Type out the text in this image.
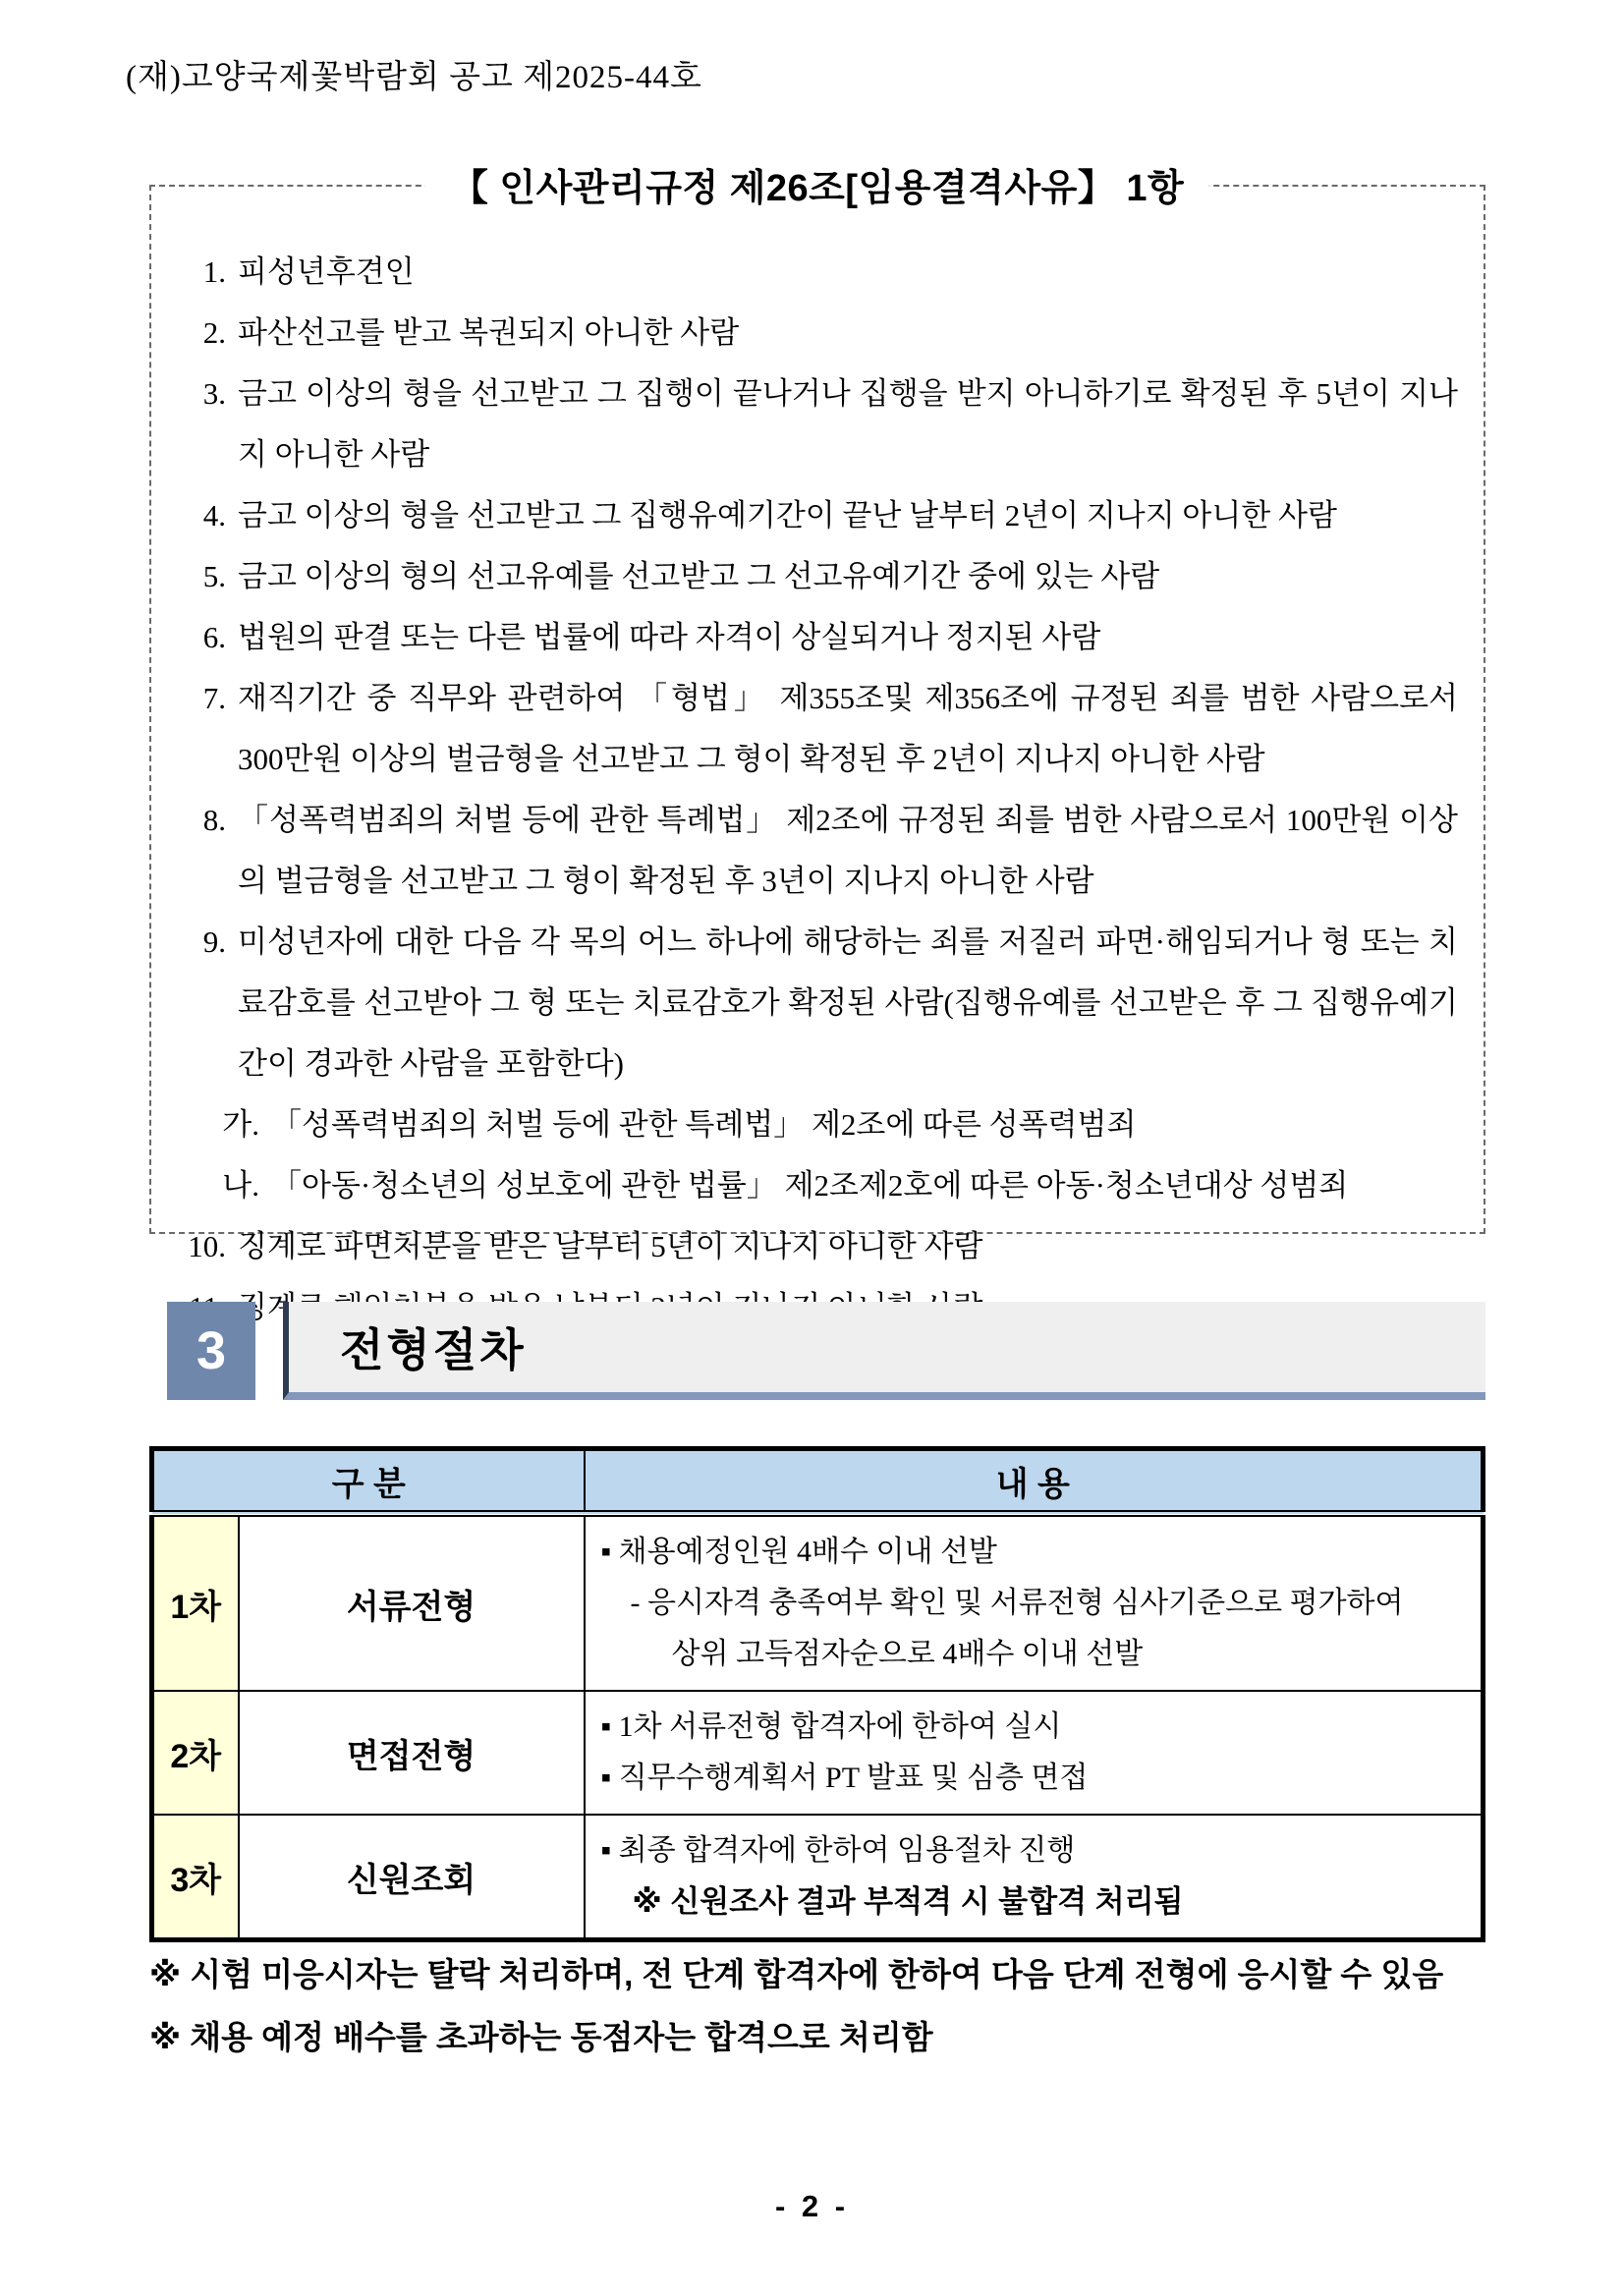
(재)고양국제꽃박람회 공고 제2025-44호
【 인사관리규정 제26조[임용결격사유】 1항
1. 피성년후견인
2. 파산선고를 받고 복권되지 아니한 사람
3. 금고 이상의 형을 선고받고 그 집행이 끝나거나 집행을 받지 아니하기로 확정된 후 5년이 지나지 아니한 사람
4. 금고 이상의 형을 선고받고 그 집행유예기간이 끝난 날부터 2년이 지나지 아니한 사람
5. 금고 이상의 형의 선고유예를 선고받고 그 선고유예기간 중에 있는 사람
6. 법원의 판결 또는 다른 법률에 따라 자격이 상실되거나 정지된 사람
7. 재직기간 중 직무와 관련하여 「형법」 제355조및 제356조에 규정된 죄를 범한 사람으로서 300만원 이상의 벌금형을 선고받고 그 형이 확정된 후 2년이 지나지 아니한 사람
8. 「성폭력범죄의 처벌 등에 관한 특례법」 제2조에 규정된 죄를 범한 사람으로서 100만원 이상의 벌금형을 선고받고 그 형이 확정된 후 3년이 지나지 아니한 사람
9. 미성년자에 대한 다음 각 목의 어느 하나에 해당하는 죄를 저질러 파면·해임되거나 형 또는 치료감호를 선고받아 그 형 또는 치료감호가 확정된 사람(집행유예를 선고받은 후 그 집행유예기간이 경과한 사람을 포함한다)
가. 「성폭력범죄의 처벌 등에 관한 특례법」 제2조에 따른 성폭력범죄
나. 「아동·청소년의 성보호에 관한 법률」 제2조제2호에 따른 아동·청소년대상 성범죄
10. 징계로 파면처분을 받은 날부터 5년이 지나지 아니한 사람
징계로
3	전형절차
구 분		내 용
1차	서류전형	▪ 채용예정인원 4배수 이내 선발
- 응시자격 충족여부 확인 및 서류전형 심사기준으로 평가하여
상위 고득점자순으로 4배수 이내 선발

2차	면접전형	▪ 1차 서류전형 합격자에 한하여 실시
▪ 직무수행계획서 PT 발표 및 심층 면접

3차	신원조회	▪ 최종 합격자에 한하여 임용절차 진행
※ 신원조사 결과 부적격 시 불합격 처리됨
※ 시험 미응시자는 탈락 처리하며, 전 단계 합격자에 한하여 다음 단계 전형에 응시할 수 있음
※ 채용 예정 배수를 초과하는 동점자는 합격으로 처리함
- 2 -
